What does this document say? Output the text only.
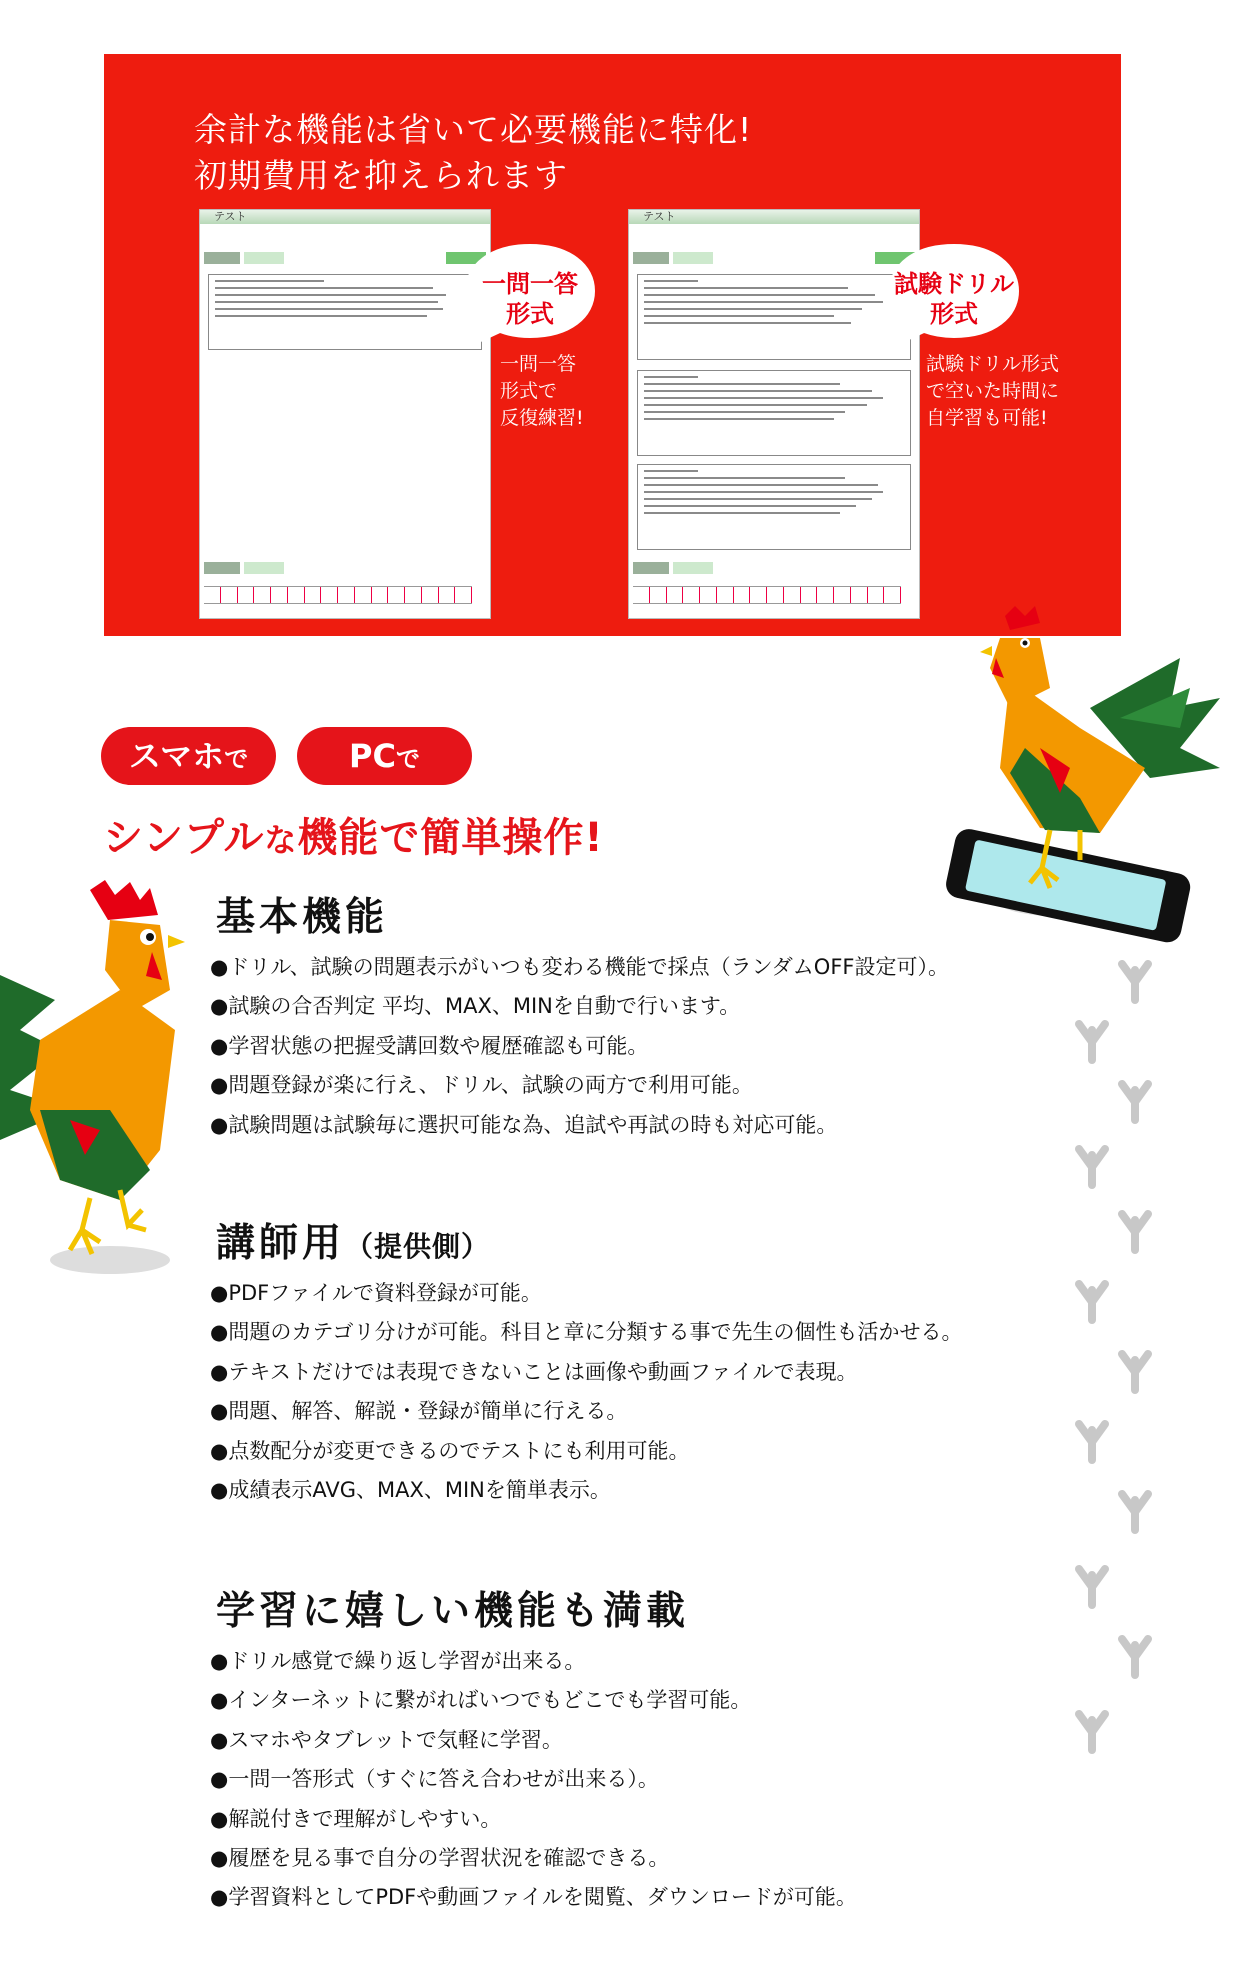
余計な機能は省いて必要機能に特化!
初期費用を抑えられます
テスト
一問一答
形式
一問一答
形式で
反復練習!
テスト
試験ドリル
形式
試験ドリル形式
で空いた時間に
自学習も可能!
スマホで	PCで
シンプルな機能で簡単操作!
基本機能
●ドリル、試験の問題表示がいつも変わる機能で採点（ランダムOFF設定可）。
●試験の合否判定 平均、MAX、MINを自動で行います。
●学習状態の把握受講回数や履歴確認も可能。
●問題登録が楽に行え、ドリル、試験の両方で利用可能。
●試験問題は試験毎に選択可能な為、追試や再試の時も対応可能。
講師用（提供側）
●PDFファイルで資料登録が可能。
●問題のカテゴリ分けが可能。科目と章に分類する事で先生の個性も活かせる。
●テキストだけでは表現できないことは画像や動画ファイルで表現。
●問題、解答、解説・登録が簡単に行える。
●点数配分が変更できるのでテストにも利用可能。
●成績表示AVG、MAX、MINを簡単表示。
学習に嬉しい機能も満載
●ドリル感覚で繰り返し学習が出来る。
●インターネットに繋がればいつでもどこでも学習可能。
●スマホやタブレットで気軽に学習。
●一問一答形式（すぐに答え合わせが出来る）。
●解説付きで理解がしやすい。
●履歴を見る事で自分の学習状況を確認できる。
●学習資料としてPDFや動画ファイルを閲覧、ダウンロードが可能。
